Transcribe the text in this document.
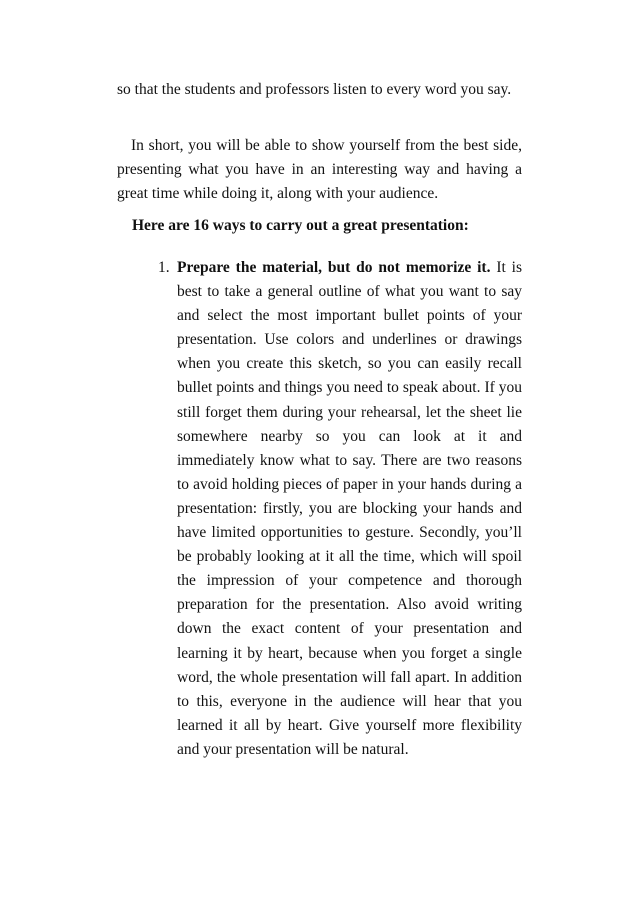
so that the students and professors listen to every word you say.

In short, you will be able to show yourself from the best side, presenting what you have in an interesting way and having a great time while doing it, along with your audience.

Here are 16 ways to carry out a great presentation:

1. Prepare the material, but do not memorize it. It is best to take a general outline of what you want to say and select the most important bullet points of your presentation. Use colors and underlines or drawings when you create this sketch, so you can easily recall bullet points and things you need to speak about. If you still forget them during your rehearsal, let the sheet lie somewhere nearby so you can look at it and immediately know what to say. There are two reasons to avoid holding pieces of paper in your hands during a presentation: firstly, you are blocking your hands and have limited opportunities to gesture. Secondly, you’ll be probably looking at it all the time, which will spoil the impression of your competence and thorough preparation for the presentation. Also avoid writing down the exact content of your presentation and learning it by heart, because when you forget a single word, the whole presentation will fall apart. In addition to this, everyone in the audience will hear that you learned it all by heart. Give yourself more flexibility and your presentation will be natural.
